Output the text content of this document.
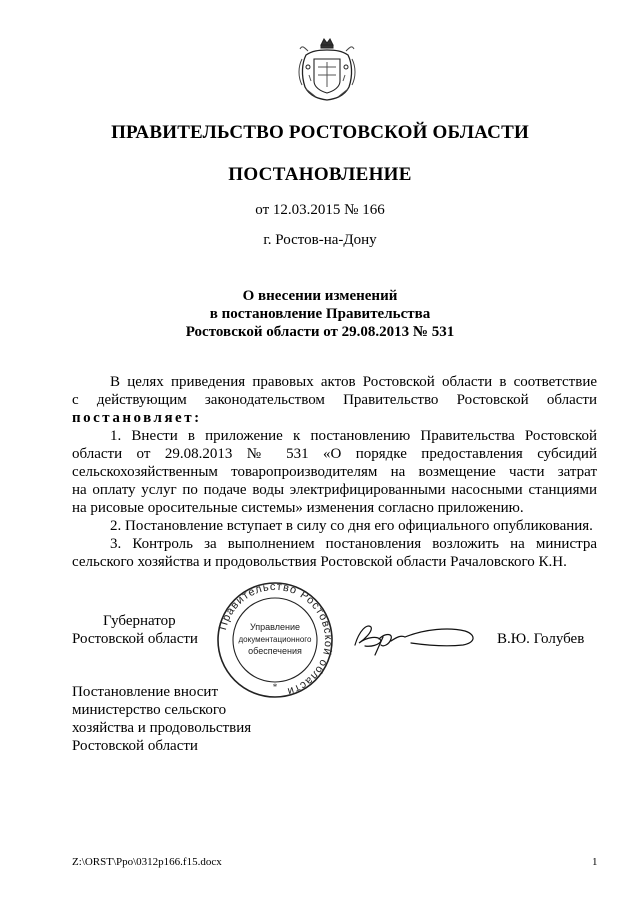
ПРАВИТЕЛЬСТВО РОСТОВСКОЙ ОБЛАСТИ
ПОСТАНОВЛЕНИЕ
от 12.03.2015 № 166
г. Ростов-на-Дону
О внесении изменений
в постановление Правительства
Ростовской области от 29.08.2013 № 531
В целях приведения правовых актов Ростовской области в соответствие
с действующим законодательством Правительство Ростовской области
постановляет:
1. Внести в приложение к постановлению Правительства Ростовской
области от 29.08.2013 № 531 «О порядке предоставления субсидий
сельскохозяйственным товаропроизводителям на возмещение части затрат
на оплату услуг по подаче воды электрифицированными насосными станциями
на рисовые оросительные системы» изменения согласно приложению.
2. Постановление вступает в силу со дня его официального опубликования.
3. Контроль за выполнением постановления возложить на министра
сельского хозяйства и продовольствия Ростовской области Рачаловского К.Н.
Губернатор
Ростовской области	В.Ю. Голубев
Правительство Ростовской области
Управление
документационного
обеспечения
*
Постановление вносит
министерство сельского
хозяйства и продовольствия
Ростовской области
Z:\ORST\Ppo\0312p166.f15.docx	1
